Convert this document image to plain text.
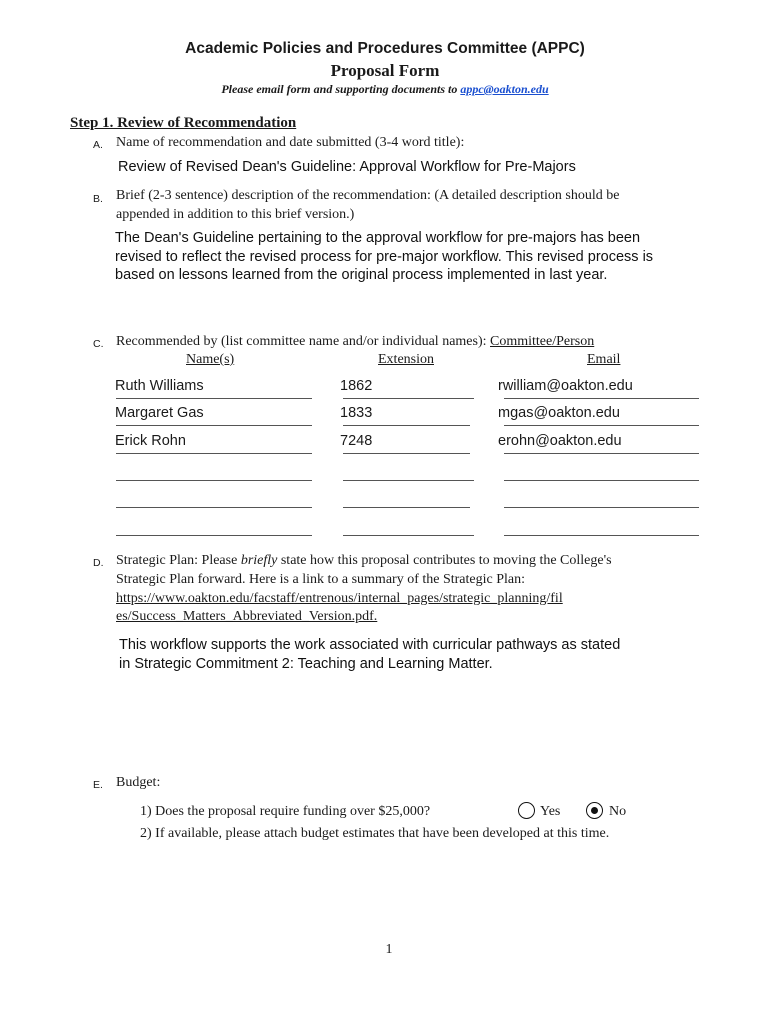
Academic Policies and Procedures Committee (APPC)
Proposal Form
Please email form and supporting documents to appc@oakton.edu
Step 1. Review of Recommendation
A. Name of recommendation and date submitted (3-4 word title):
Review of Revised Dean's Guideline: Approval Workflow for Pre-Majors
B. Brief (2-3 sentence) description of the recommendation: (A detailed description should be
appended in addition to this brief version.)
The Dean's Guideline pertaining to the approval workflow for pre-majors has been
revised to reflect the revised process for pre-major workflow. This revised process is
based on lessons learned from the original process implemented in last year.
C. Recommended by (list committee name and/or individual names): Committee/Person
Name(s)	Extension	Email
Ruth Williams	1862	rwilliam@oakton.edu
Margaret Gas	1833	mgas@oakton.edu
Erick Rohn	7248	erohn@oakton.edu
D. Strategic Plan: Please briefly state how this proposal contributes to moving the College's
Strategic Plan forward. Here is a link to a summary of the Strategic Plan:
https://www.oakton.edu/facstaff/entrenous/internal_pages/strategic_planning/fil
es/Success_Matters_Abbreviated_Version.pdf.
This workflow supports the work associated with curricular pathways as stated
in Strategic Commitment 2: Teaching and Learning Matter.
E. Budget:
1) Does the proposal require funding over $25,000?	Yes	No
2) If available, please attach budget estimates that have been developed at this time.
1
